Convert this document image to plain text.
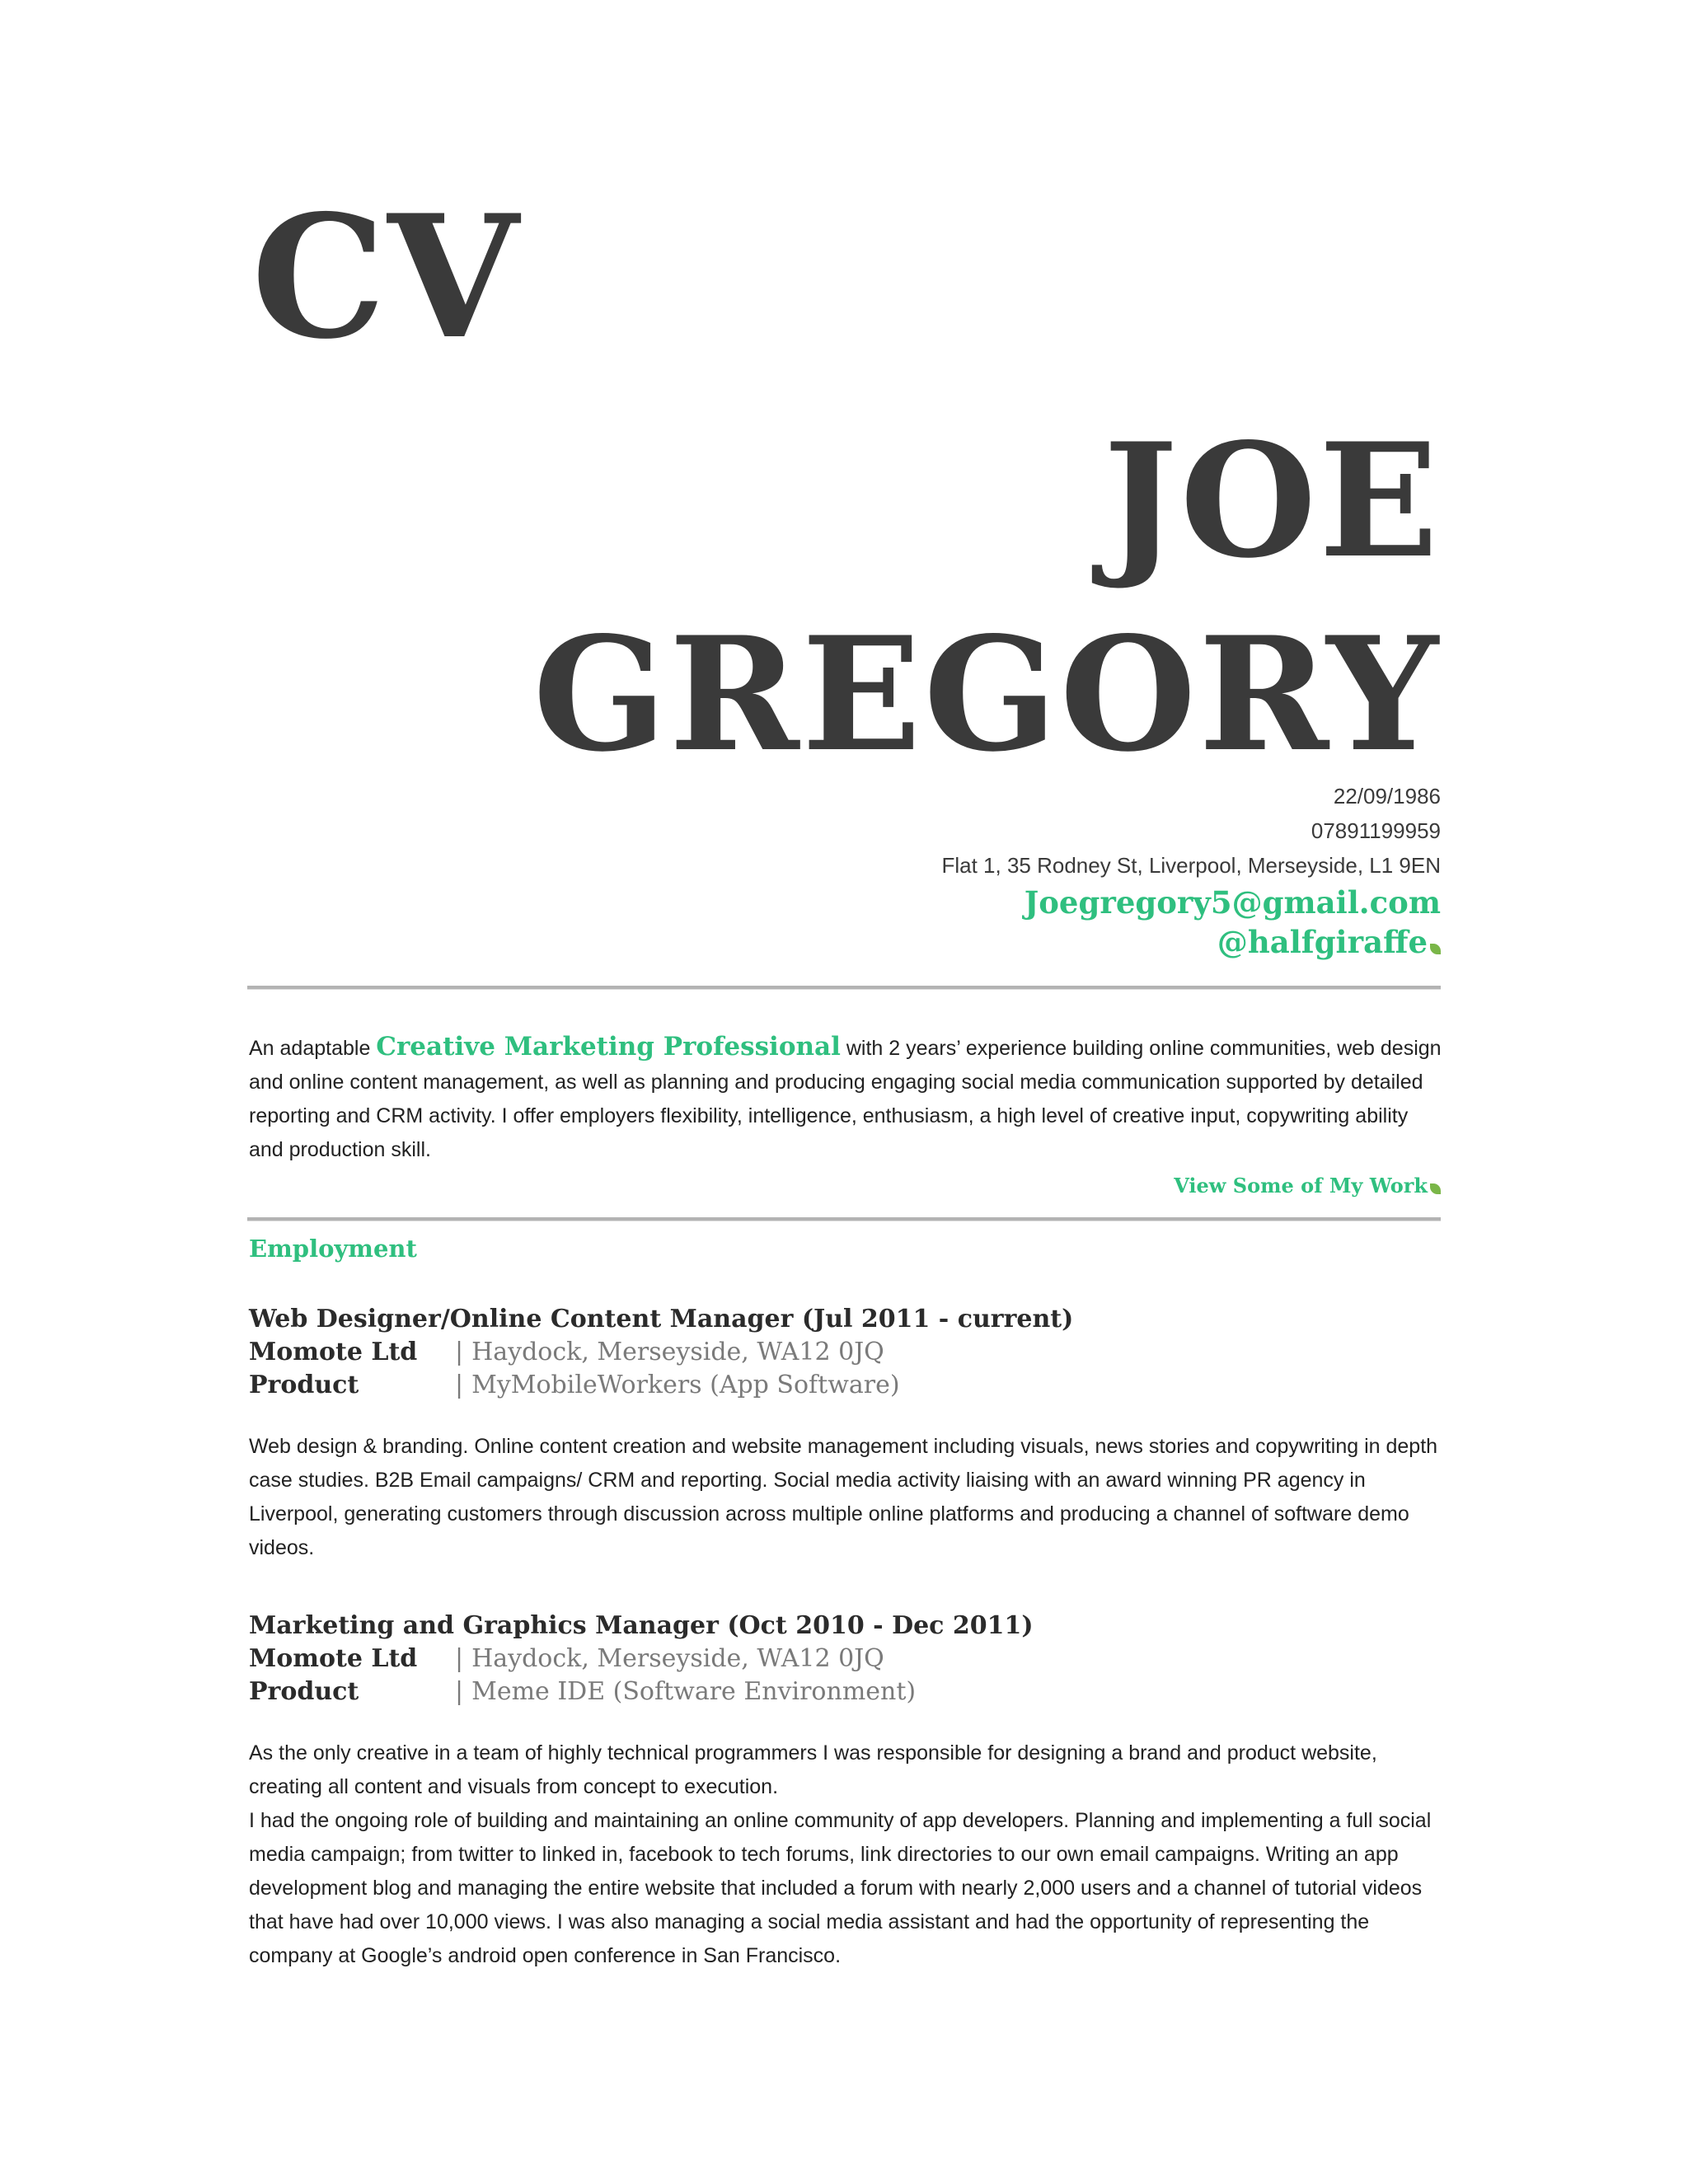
CV
JOE
GREGORY
22/09/1986
07891199959
Flat 1, 35 Rodney St, Liverpool, Merseyside, L1 9EN
Joegregory5@gmail.com
@halfgiraffe

An adaptable Creative Marketing Professional with 2 years’ experience building online communities, web design and online content management, as well as planning and producing engaging social media communication supported by detailed reporting and CRM activity. I offer employers flexibility, intelligence, enthusiasm, a high level of creative input, copywriting ability and production skill.

View Some of My Work
Employment
Web Designer/Online Content Manager (Jul 2011 - current)
Momote Ltd	| Haydock, Merseyside, WA12 0JQ
Product	| MyMobileWorkers (App Software)

Web design & branding. Online content creation and website management including visuals, news stories and copywriting in depth case studies. B2B Email campaigns/ CRM and reporting. Social media activity liaising with an award winning PR agency in Liverpool, generating customers through discussion across multiple online platforms and producing a channel of software demo videos.

Marketing and Graphics Manager (Oct 2010 - Dec 2011)
Momote Ltd	| Haydock, Merseyside, WA12 0JQ
Product	| Meme IDE (Software Environment)

As the only creative in a team of highly technical programmers I was responsible for designing a brand and product website, creating all content and visuals from concept to execution.

I had the ongoing role of building and maintaining an online community of app developers. Planning and implementing a full social media campaign; from twitter to linked in, facebook to tech forums, link directories to our own email campaigns. Writing an app development blog and managing the entire website that included a forum with nearly 2,000 users and a channel of tutorial videos that have had over 10,000 views. I was also managing a social media assistant and had the opportunity of representing the company at Google’s android open conference in San Francisco.
